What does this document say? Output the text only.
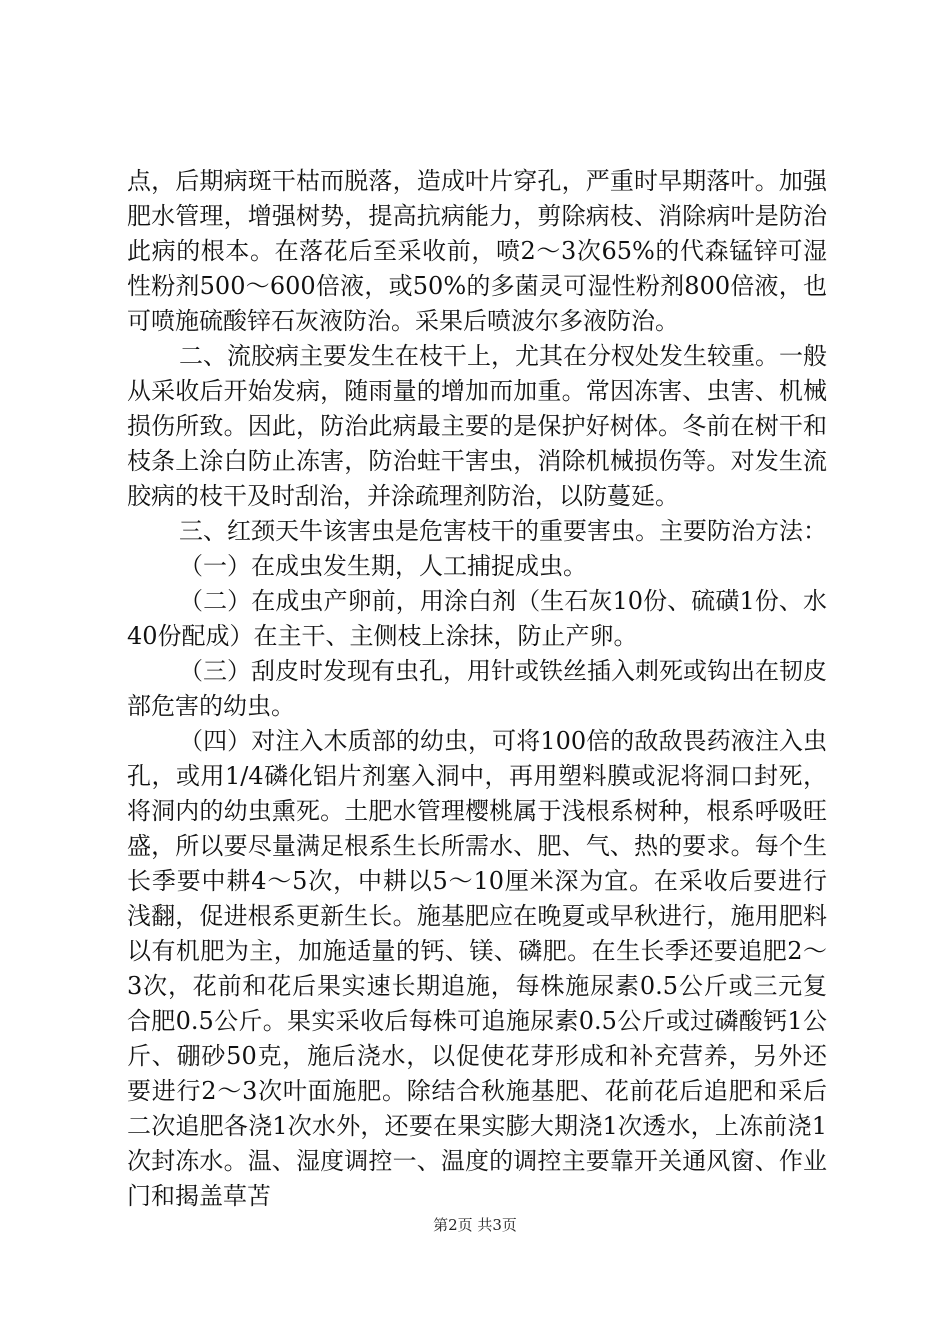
点，后期病斑干枯而脱落，造成叶片穿孔，严重时早期落叶。加强肥水管理，增强树势，提高抗病能力，剪除病枝、消除病叶是防治此病的根本。在落花后至采收前，喷2～3次65%的代森锰锌可湿性粉剂500～600倍液，或50%的多菌灵可湿性粉剂800倍液，也可喷施硫酸锌石灰液防治。采果后喷波尔多液防治。

二、流胶病主要发生在枝干上，尤其在分杈处发生较重。一般从采收后开始发病，随雨量的增加而加重。常因冻害、虫害、机械损伤所致。因此，防治此病最主要的是保护好树体。冬前在树干和枝条上涂白防止冻害，防治蛀干害虫，消除机械损伤等。对发生流胶病的枝干及时刮治，并涂疏理剂防治，以防蔓延。

三、红颈天牛该害虫是危害枝干的重要害虫。主要防治方法：

（一）在成虫发生期，人工捕捉成虫。

（二）在成虫产卵前，用涂白剂（生石灰10份、硫磺1份、水40份配成）在主干、主侧枝上涂抹，防止产卵。

（三）刮皮时发现有虫孔，用针或铁丝插入刺死或钩出在韧皮部危害的幼虫。

（四）对注入木质部的幼虫，可将100倍的敌敌畏药液注入虫孔，或用1/4磷化铝片剂塞入洞中，再用塑料膜或泥将洞口封死，将洞内的幼虫熏死。土肥水管理樱桃属于浅根系树种，根系呼吸旺盛，所以要尽量满足根系生长所需水、肥、气、热的要求。每个生长季要中耕4～5次，中耕以5～10厘米深为宜。在采收后要进行浅翻，促进根系更新生长。施基肥应在晚夏或早秋进行，施用肥料以有机肥为主，加施适量的钙、镁、磷肥。在生长季还要追肥2～3次，花前和花后果实速长期追施，每株施尿素0.5公斤或三元复合肥0.5公斤。果实采收后每株可追施尿素0.5公斤或过磷酸钙1公斤、硼砂50克，施后浇水，以促使花芽形成和补充营养，另外还要进行2～3次叶面施肥。除结合秋施基肥、花前花后追肥和采后二次追肥各浇1次水外，还要在果实膨大期浇1次透水，上冻前浇1次封冻水。温、湿度调控一、温度的调控主要靠开关通风窗、作业门和揭盖草苫

第2页 共3页
